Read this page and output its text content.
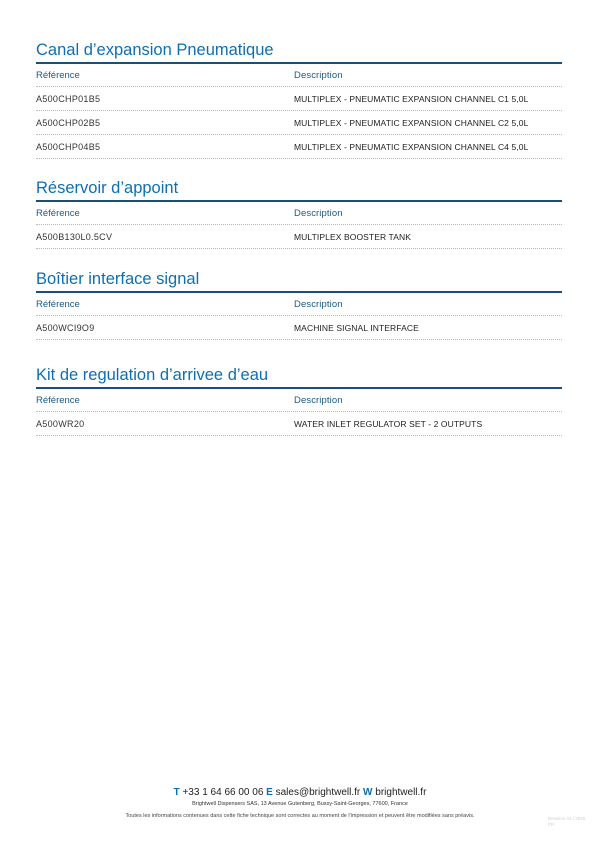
Canal d’expansion Pneumatique
Référence	Description
A500CHP01B5	MULTIPLEX - PNEUMATIC EXPANSION CHANNEL C1 5,0L
A500CHP02B5	MULTIPLEX - PNEUMATIC EXPANSION CHANNEL C2 5,0L
A500CHP04B5	MULTIPLEX - PNEUMATIC EXPANSION CHANNEL C4 5,0L
Réservoir d’appoint
Référence	Description
A500B130L0.5CV	MULTIPLEX BOOSTER TANK
Boîtier interface signal
Référence	Description
A500WCI9O9	MACHINE SIGNAL INTERFACE
Kit de regulation d’arrivee d’eau
Référence	Description
A500WR20	WATER INLET REGULATOR SET - 2 OUTPUTS
T +33 1 64 66 00 06 E sales@brightwell.fr W brightwell.fr
Brightwell Dispensers SAS, 13 Avenue Gutenberg, Bussy-Saint-Georges, 77600, France
Toutes les informations contenues dans cette fiche technique sont correctes au moment de l'impression et peuvent être modifiées sans préavis.	Revision 01 / 2020 FR
